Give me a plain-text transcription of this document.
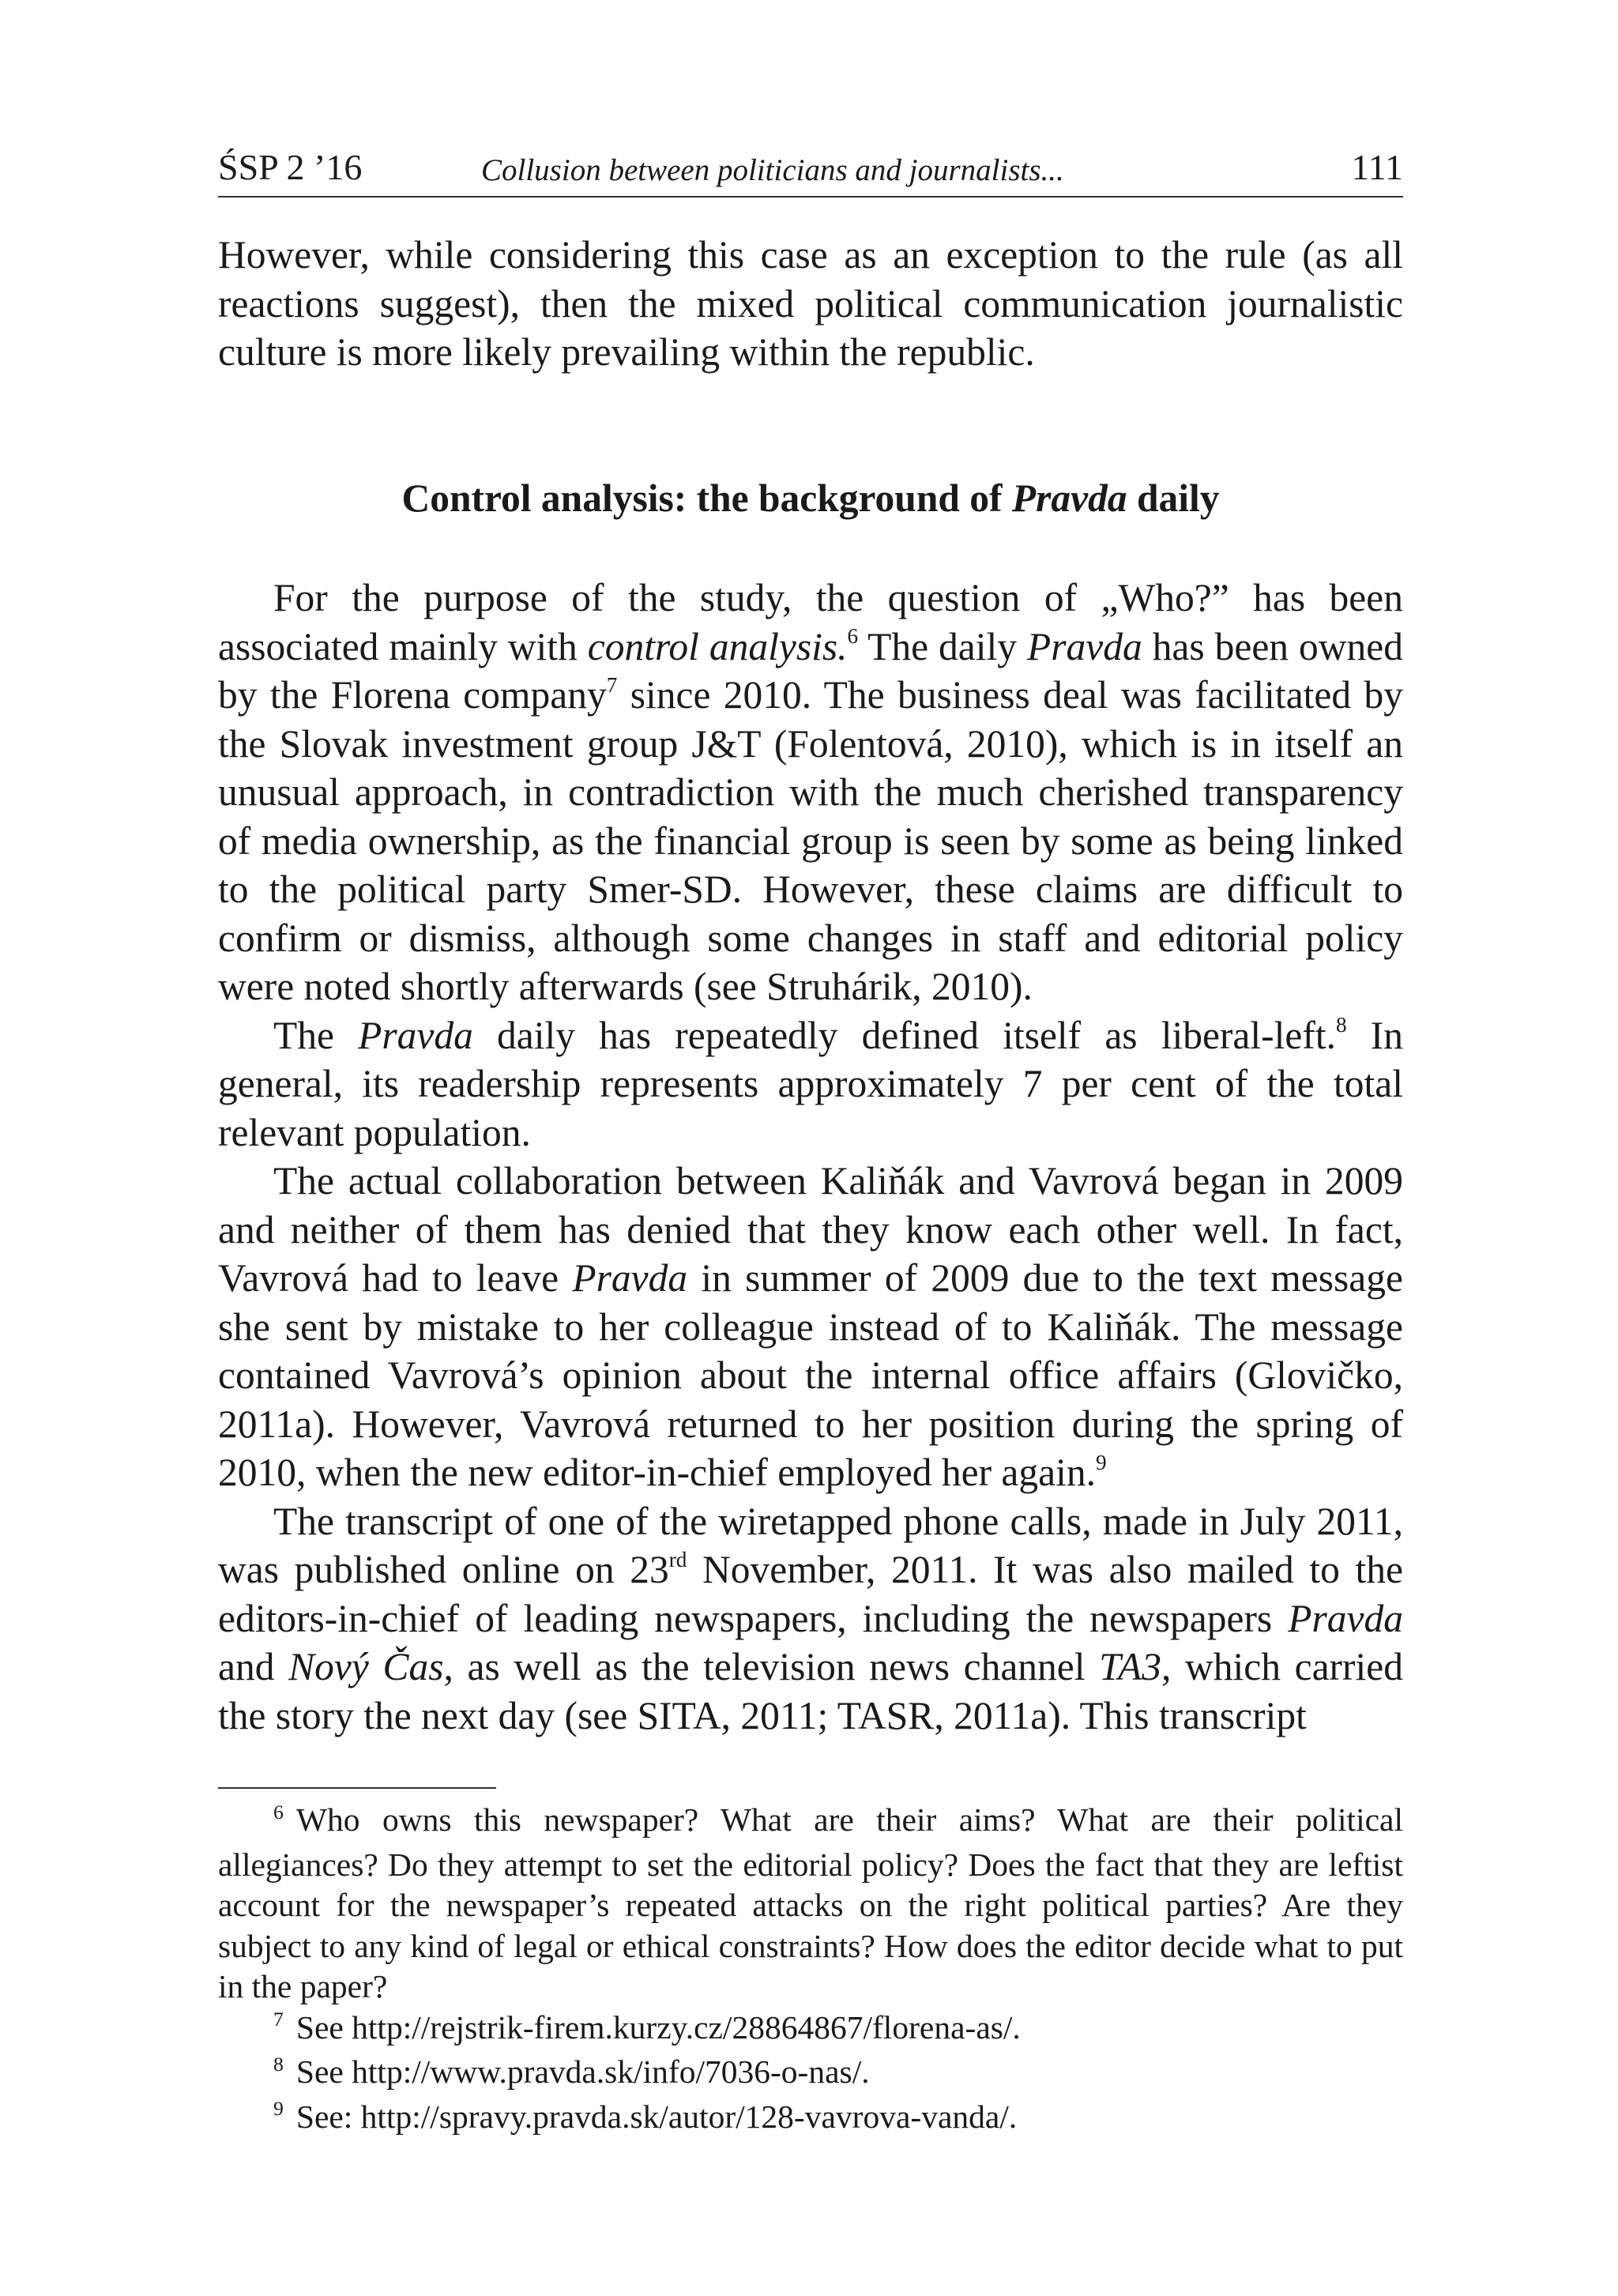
ŚSP 2 ’16	Collusion between politicians and journalists...	111

However, while considering this case as an exception to the rule (as all reactions suggest), then the mixed political communication journalistic culture is more likely prevailing within the republic.

Control analysis: the background of Pravda daily

For the purpose of the study, the question of „Who?” has been associated mainly with control analysis.$^6$ The daily Pravda has been owned by the Florena company$^7$ since 2010. The business deal was facilitated by the Slovak investment group J&T (Folentová, 2010), which is in itself an unusual approach, in contradiction with the much cherished transparency of media ownership, as the financial group is seen by some as being linked to the political party Smer-SD. However, these claims are difficult to confirm or dismiss, although some changes in staff and editorial policy were noted shortly afterwards (see Struhárik, 2010).

The Pravda daily has repeatedly defined itself as liberal-left.$^8$ In general, its readership represents approximately 7 per cent of the total relevant population.

The actual collaboration between Kaliňák and Vavrová began in 2009 and neither of them has denied that they know each other well. In fact, Vavrová had to leave Pravda in summer of 2009 due to the text message she sent by mistake to her colleague instead of to Kaliňák. The message contained Vavrová’s opinion about the internal office affairs (Glovičko, 2011a). However, Vavrová returned to her position during the spring of 2010, when the new editor-in-chief employed her again.$^9$

The transcript of one of the wiretapped phone calls, made in July 2011, was published online on 23rd November, 2011. It was also mailed to the editors-in-chief of leading newspapers, including the newspapers Pravda and Nový Čas, as well as the television news channel TA3, which carried the story the next day (see SITA, 2011; TASR, 2011a). This transcript

$^6$ Who owns this newspaper? What are their aims? What are their political allegiances? Do they attempt to set the editorial policy? Does the fact that they are leftist account for the newspaper’s repeated attacks on the right political parties? Are they subject to any kind of legal or ethical constraints? How does the editor decide what to put in the paper?

$^7$ See http://rejstrik-firem.kurzy.cz/28864867/florena-as/.

$^8$ See http://www.pravda.sk/info/7036-o-nas/.

$^9$ See: http://spravy.pravda.sk/autor/128-vavrova-vanda/.
